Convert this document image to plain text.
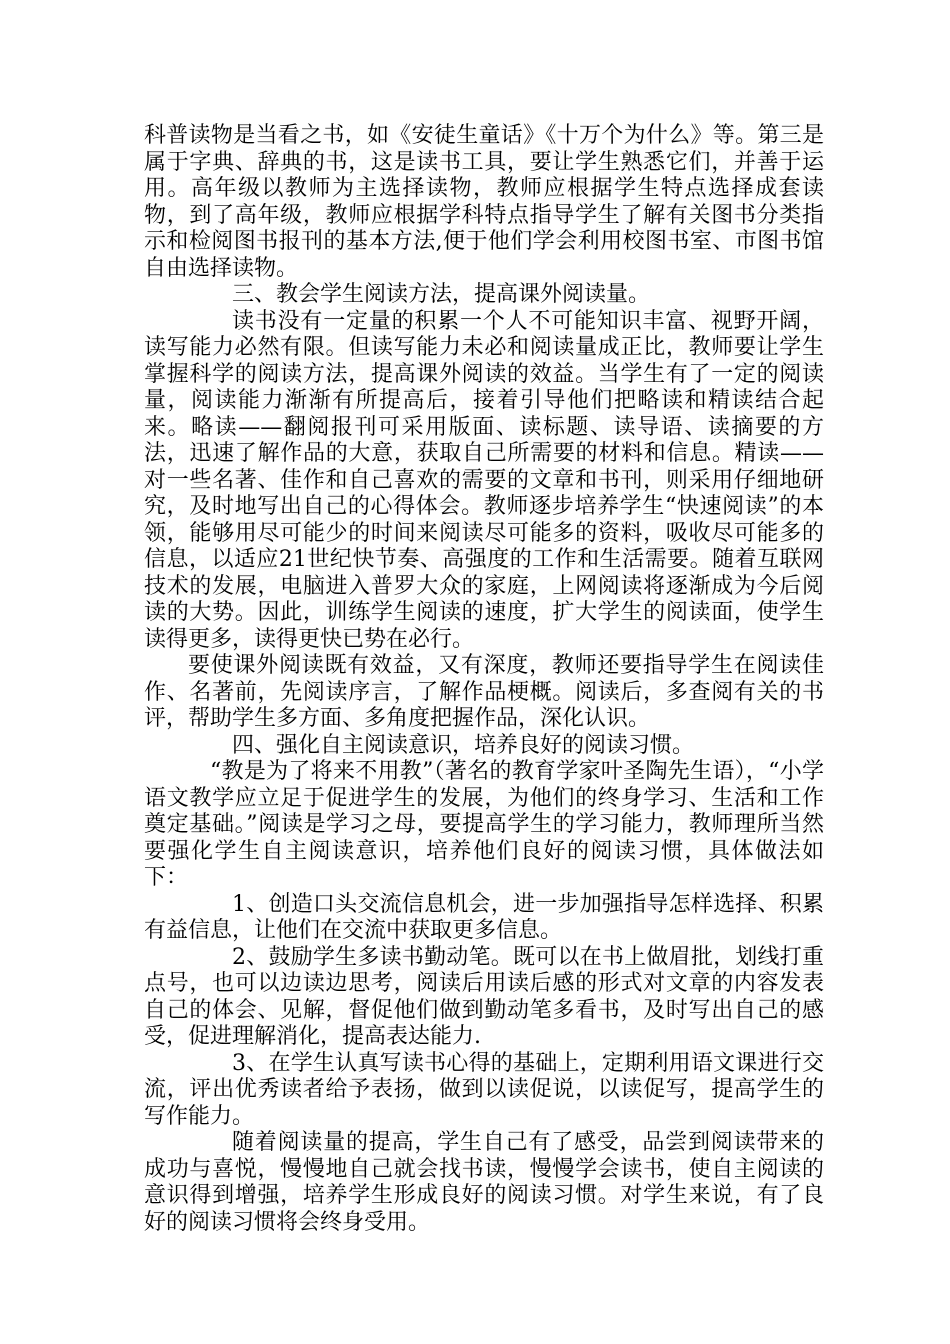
科普读物是当看之书，如《安徒生童话》《十万个为什么》等。第三是属于字典、辞典的书，这是读书工具，要让学生熟悉它们，并善于运用。高年级以教师为主选择读物，教师应根据学生特点选择成套读物，到了高年级，教师应根据学科特点指导学生了解有关图书分类指示和检阅图书报刊的基本方法,便于他们学会利用校图书室、市图书馆自由选择读物。

三、教会学生阅读方法，提高课外阅读量。

读书没有一定量的积累一个人不可能知识丰富、视野开阔，读写能力必然有限。但读写能力未必和阅读量成正比，教师要让学生掌握科学的阅读方法，提高课外阅读的效益。当学生有了一定的阅读量，阅读能力渐渐有所提高后，接着引导他们把略读和精读结合起来。略读——翻阅报刊可采用版面、读标题、读导语、读摘要的方法，迅速了解作品的大意，获取自己所需要的材料和信息。精读——对一些名著、佳作和自己喜欢的需要的文章和书刊，则采用仔细地研究，及时地写出自己的心得体会。教师逐步培养学生“快速阅读”的本领，能够用尽可能少的时间来阅读尽可能多的资料，吸收尽可能多的信息，以适应21世纪快节奏、高强度的工作和生活需要。随着互联网技术的发展，电脑进入普罗大众的家庭，上网阅读将逐渐成为今后阅读的大势。因此，训练学生阅读的速度，扩大学生的阅读面，使学生读得更多，读得更快已势在必行。

要使课外阅读既有效益，又有深度，教师还要指导学生在阅读佳作、名著前，先阅读序言，了解作品梗概。阅读后，多查阅有关的书评，帮助学生多方面、多角度把握作品，深化认识。

四、强化自主阅读意识，培养良好的阅读习惯。

“教是为了将来不用教”（著名的教育学家叶圣陶先生语），“小学语文教学应立足于促进学生的发展，为他们的终身学习、生活和工作奠定基础。”阅读是学习之母，要提高学生的学习能力，教师理所当然要强化学生自主阅读意识，培养他们良好的阅读习惯，具体做法如下：

1、创造口头交流信息机会，进一步加强指导怎样选择、积累有益信息，让他们在交流中获取更多信息。

2、鼓励学生多读书勤动笔。既可以在书上做眉批，划线打重点号，也可以边读边思考，阅读后用读后感的形式对文章的内容发表自己的体会、见解，督促他们做到勤动笔多看书，及时写出自己的感受，促进理解消化，提高表达能力.

3、在学生认真写读书心得的基础上，定期利用语文课进行交流，评出优秀读者给予表扬，做到以读促说，以读促写，提高学生的写作能力。

随着阅读量的提高，学生自己有了感受，品尝到阅读带来的成功与喜悦，慢慢地自己就会找书读，慢慢学会读书，使自主阅读的意识得到增强，培养学生形成良好的阅读习惯。对学生来说，有了良好的阅读习惯将会终身受用。
